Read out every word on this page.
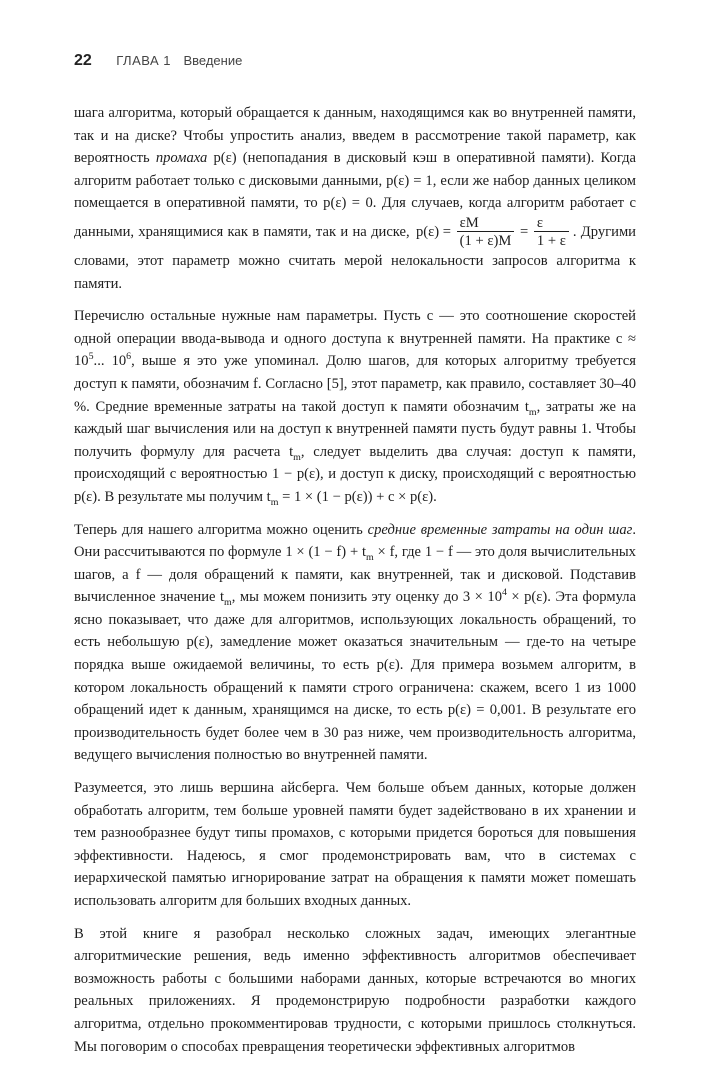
22 ГЛАВА 1 Введение

шага алгоритма, который обращается к данным, находящимся как во внутренней памяти, так и на диске? Чтобы упростить анализ, введем в рассмотрение такой параметр, как вероятность промаха p(ε) (непопадания в дисковый кэш в оперативной памяти). Когда алгоритм работает только с дисковыми данными, p(ε) = 1, если же набор данных целиком помещается в оперативной памяти, то p(ε) = 0. Для случаев, когда алгоритм работает с данными, хранящимися как в памяти, так и на диске, $p(\varepsilon) = \frac{\varepsilon M}{(1 + \varepsilon)M} = \frac{\varepsilon}{1 + \varepsilon}$ . Другими словами, этот параметр можно считать мерой нелокальности запросов алгоритма к памяти.

Перечислю остальные нужные нам параметры. Пусть c — это соотношение скоростей одной операции ввода-вывода и одного доступа к внутренней памяти. На практике $c \approx 10^5$... $10^6$, выше я это уже упоминал. Долю шагов, для которых алгоритму требуется доступ к памяти, обозначим f. Согласно [5], этот параметр, как правило, составляет 30–40 %. Средние временные затраты на такой доступ к памяти обозначим $t_m$, затраты же на каждый шаг вычисления или на доступ к внутренней памяти пусть будут равны 1. Чтобы получить формулу для расчета $t_m$, следует выделить два случая: доступ к памяти, происходящий с вероятностью 1 − p(ε), и доступ к диску, происходящий с вероятностью p(ε). В результате мы получим $t_m = 1 \times (1 - p(\varepsilon)) + c \times p(\varepsilon)$.

Теперь для нашего алгоритма можно оценить средние временные затраты на один шаг. Они рассчитываются по формуле $1 \times (1 - f) + t_m \times f$, где 1 − f — это доля вычислительных шагов, а f — доля обращений к памяти, как внутренней, так и дисковой. Подставив вычисленное значение $t_m$, мы можем понизить эту оценку до $3 \times 10^4 \times p(\varepsilon)$. Эта формула ясно показывает, что даже для алгоритмов, использующих локальность обращений, то есть небольшую p(ε), замедление может оказаться значительным — где-то на четыре порядка выше ожидаемой величины, то есть p(ε). Для примера возьмем алгоритм, в котором локальность обращений к памяти строго ограничена: скажем, всего 1 из 1000 обращений идет к данным, хранящимся на диске, то есть p(ε) = 0,001. В результате его производительность будет более чем в 30 раз ниже, чем производительность алгоритма, ведущего вычисления полностью во внутренней памяти.

Разумеется, это лишь вершина айсберга. Чем больше объем данных, которые должен обработать алгоритм, тем больше уровней памяти будет задействовано в их хранении и тем разнообразнее будут типы промахов, с которыми придется бороться для повышения эффективности. Надеюсь, я смог продемонстрировать вам, что в системах с иерархической памятью игнорирование затрат на обращения к памяти может помешать использовать алгоритм для больших входных данных.

В этой книге я разобрал несколько сложных задач, имеющих элегантные алгоритмические решения, ведь именно эффективность алгоритмов обеспечивает возможность работы с большими наборами данных, которые встречаются во многих реальных приложениях. Я продемонстрирую подробности разработки каждого алгоритма, отдельно прокомментировав трудности, с которыми пришлось столкнуться. Мы поговорим о способах превращения теоретически эффективных алгоритмов
